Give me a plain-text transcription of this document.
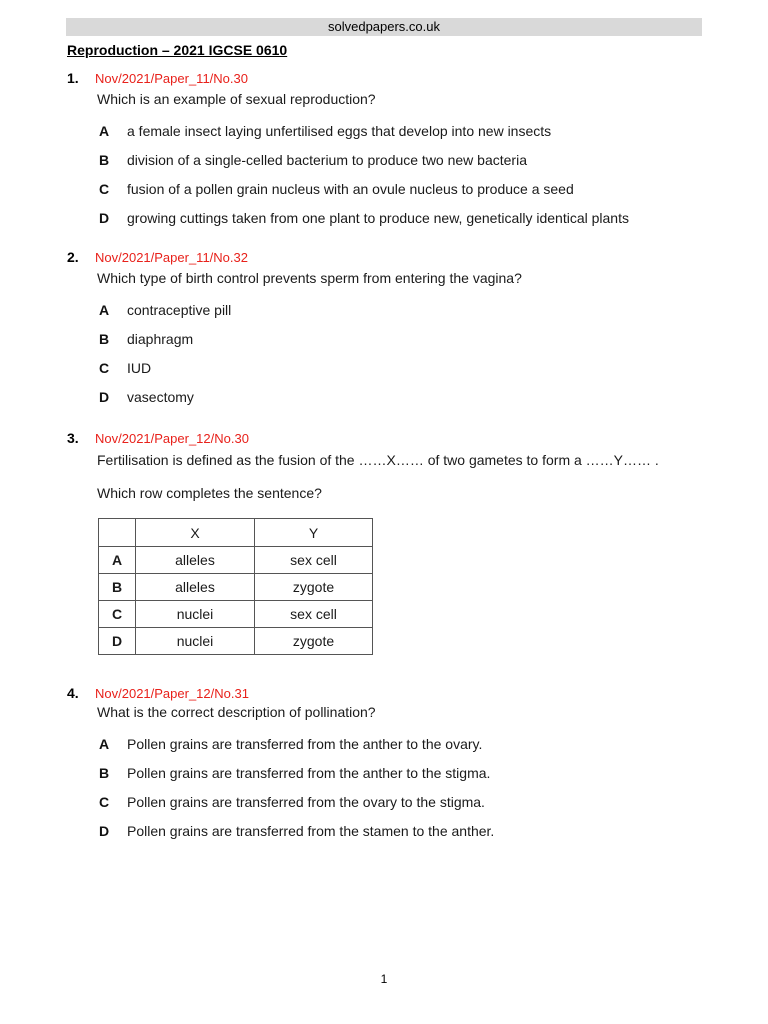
solvedpapers.co.uk
Reproduction – 2021 IGCSE 0610
1. Nov/2021/Paper_11/No.30
Which is an example of sexual reproduction?
A a female insect laying unfertilised eggs that develop into new insects
B division of a single-celled bacterium to produce two new bacteria
C fusion of a pollen grain nucleus with an ovule nucleus to produce a seed
D growing cuttings taken from one plant to produce new, genetically identical plants
2. Nov/2021/Paper_11/No.32
Which type of birth control prevents sperm from entering the vagina?
A contraceptive pill
B diaphragm
C IUD
D vasectomy
3. Nov/2021/Paper_12/No.30
Fertilisation is defined as the fusion of the ……X…… of two gametes to form a ……Y…… .
Which row completes the sentence?
	X	Y
A	alleles	sex cell
B	alleles	zygote
C	nuclei	sex cell
D	nuclei	zygote
4. Nov/2021/Paper_12/No.31
What is the correct description of pollination?
A Pollen grains are transferred from the anther to the ovary.
B Pollen grains are transferred from the anther to the stigma.
C Pollen grains are transferred from the ovary to the stigma.
D Pollen grains are transferred from the stamen to the anther.
1
